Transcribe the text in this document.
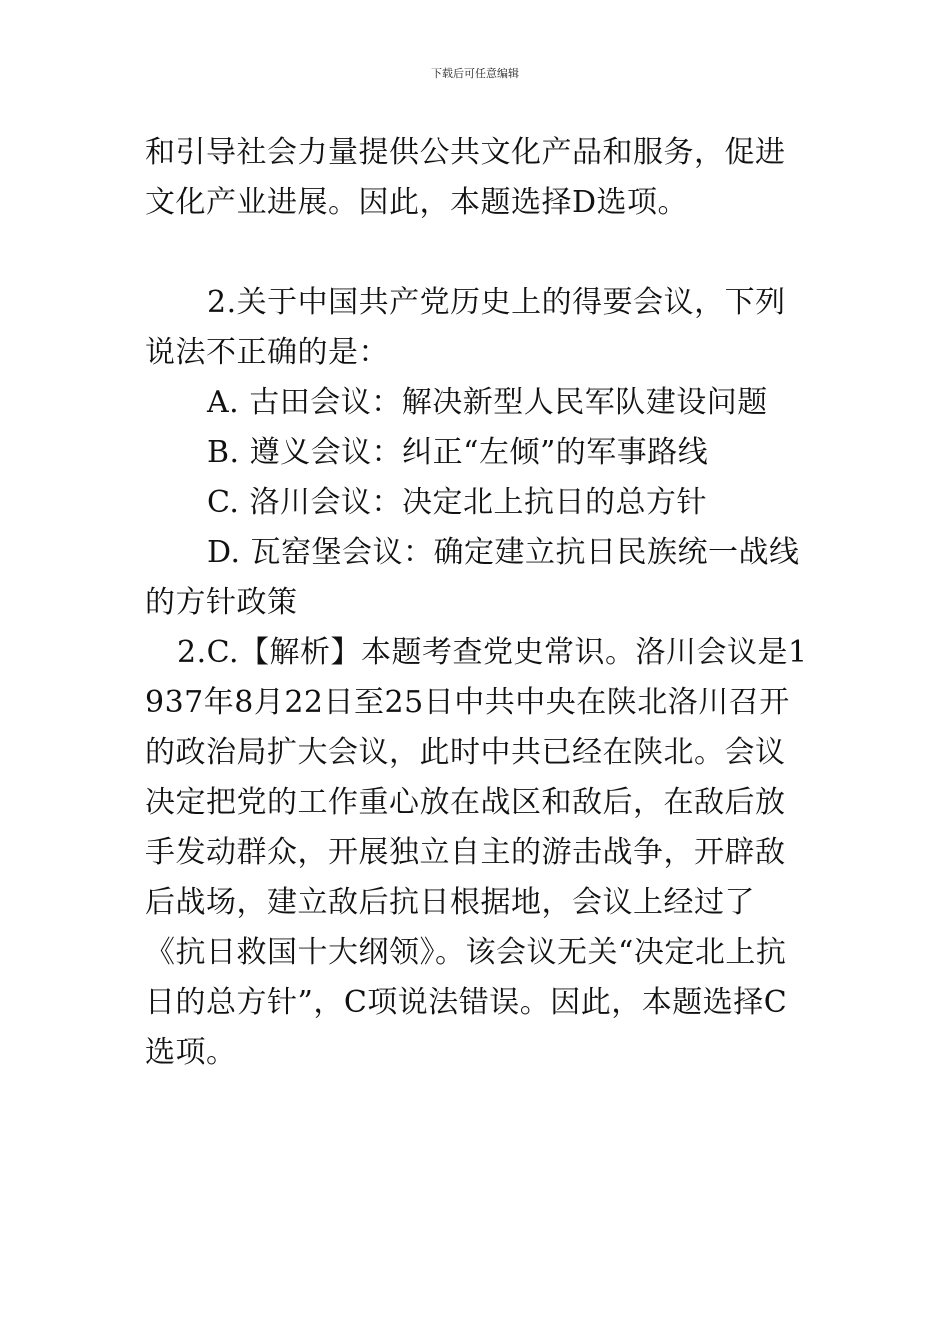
下载后可任意编辑

和引导社会力量提供公共文化产品和服务，促进文化产业进展。因此，本题选择D选项。

2.关于中国共产党历史上的得要会议，下列说法不正确的是：

A. 古田会议：解决新型人民军队建设问题

B. 遵义会议：纠正“左倾”的军事路线

C. 洛川会议：决定北上抗日的总方针

D. 瓦窑堡会议：确定建立抗日民族统一战线的方针政策

2.C.【解析】本题考查党史常识。洛川会议是1937年8月22日至25日中共中央在陕北洛川召开的政治局扩大会议，此时中共已经在陕北。会议决定把党的工作重心放在战区和敌后，在敌后放手发动群众，开展独立自主的游击战争，开辟敌后战场，建立敌后抗日根据地，会议上经过了《抗日救国十大纲领》。该会议无关“决定北上抗日的总方针”，C项说法错误。因此，本题选择C选项。
